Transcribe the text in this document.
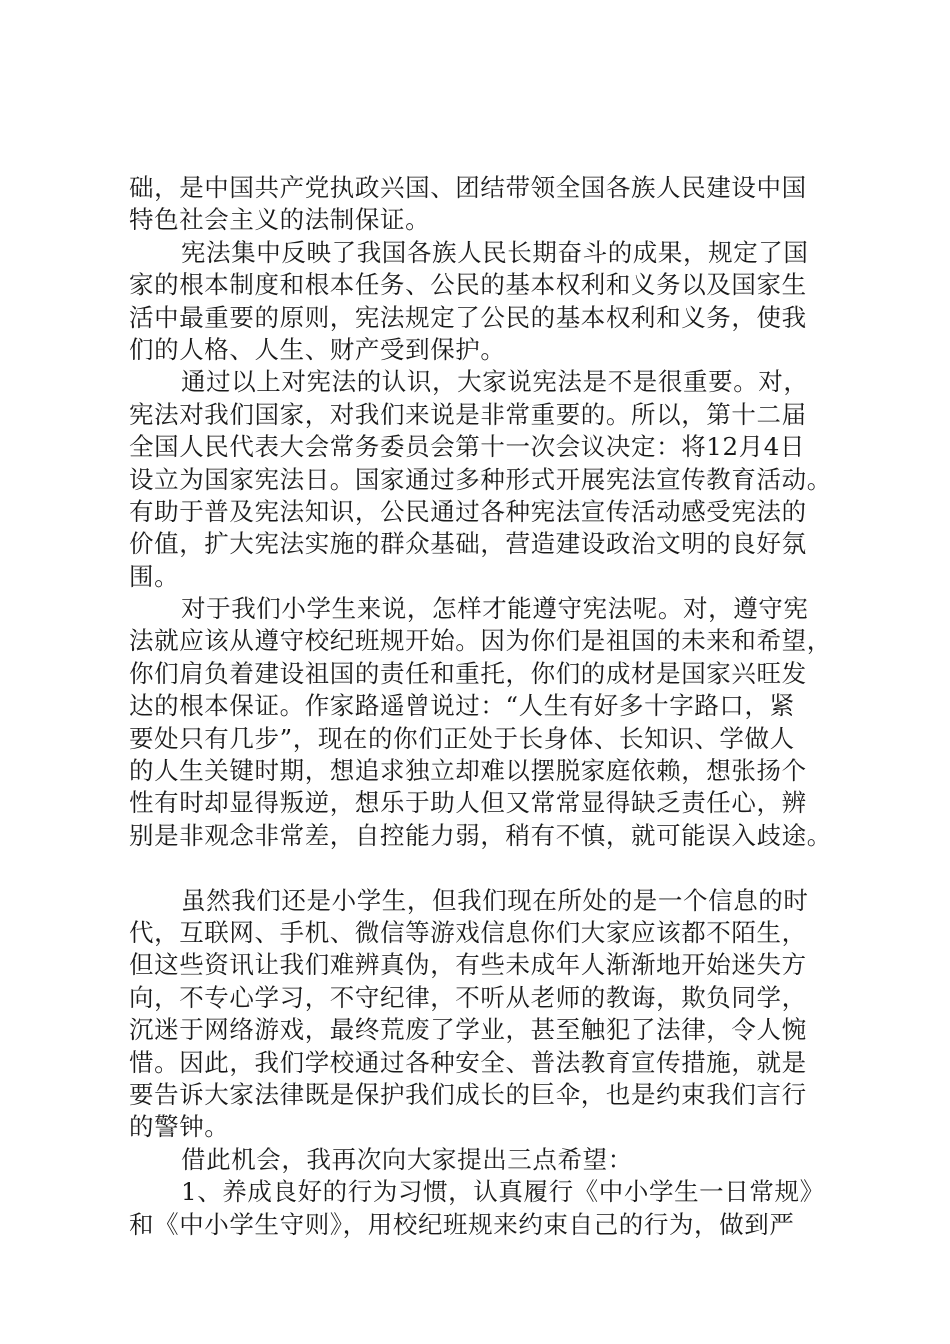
础，是中国共产党执政兴国、团结带领全国各族人民建设中国
特色社会主义的法制保证。
宪法集中反映了我国各族人民长期奋斗的成果，规定了国
家的根本制度和根本任务、公民的基本权利和义务以及国家生
活中最重要的原则，宪法规定了公民的基本权利和义务，使我
们的人格、人生、财产受到保护。
通过以上对宪法的认识，大家说宪法是不是很重要。对，
宪法对我们国家，对我们来说是非常重要的。所以，第十二届
全国人民代表大会常务委员会第十一次会议决定：将12月4日
设立为国家宪法日。国家通过多种形式开展宪法宣传教育活动。
有助于普及宪法知识，公民通过各种宪法宣传活动感受宪法的
价值，扩大宪法实施的群众基础，营造建设政治文明的良好氛
围。
对于我们小学生来说，怎样才能遵守宪法呢。对，遵守宪
法就应该从遵守校纪班规开始。因为你们是祖国的未来和希望，
你们肩负着建设祖国的责任和重托，你们的成材是国家兴旺发
达的根本保证。作家路遥曾说过：“人生有好多十字路口，紧
要处只有几步”，现在的你们正处于长身体、长知识、学做人
的人生关键时期，想追求独立却难以摆脱家庭依赖，想张扬个
性有时却显得叛逆，想乐于助人但又常常显得缺乏责任心，辨
别是非观念非常差，自控能力弱，稍有不慎，就可能误入歧途。
虽然我们还是小学生，但我们现在所处的是一个信息的时
代，互联网、手机、微信等游戏信息你们大家应该都不陌生，
但这些资讯让我们难辨真伪，有些未成年人渐渐地开始迷失方
向，不专心学习，不守纪律，不听从老师的教诲，欺负同学，
沉迷于网络游戏，最终荒废了学业，甚至触犯了法律，令人惋
惜。因此，我们学校通过各种安全、普法教育宣传措施，就是
要告诉大家法律既是保护我们成长的巨伞，也是约束我们言行
的警钟。
借此机会，我再次向大家提出三点希望：
1、养成良好的行为习惯，认真履行《中小学生一日常规》
和《中小学生守则》，用校纪班规来约束自己的行为，做到严
